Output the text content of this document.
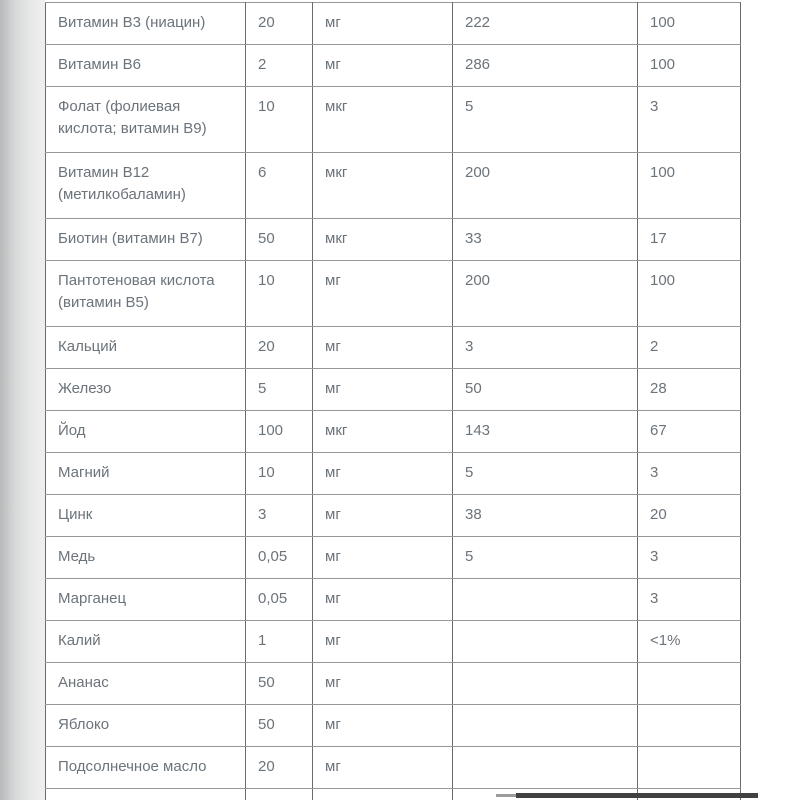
Витамин В3 (ниацин)	20	мг	222	100
Витамин В6	2	мг	286	100
Фолат (фолиевая кислота; витамин В9)	10	мкг	5	3
Витамин В12 (метилкобаламин)	6	мкг	200	100
Биотин (витамин В7)	50	мкг	33	17
Пантотеновая кислота (витамин В5)	10	мг	200	100
Кальций	20	мг	3	2
Железо	5	мг	50	28
Йод	100	мкг	143	67
Магний	10	мг	5	3
Цинк	3	мг	38	20
Медь	0,05	мг	5	3
Марганец	0,05	мг		3
Калий	1	мг		<1%
Ананас	50	мг		
Яблоко	50	мг		
Подсолнечное масло	20	мг		
